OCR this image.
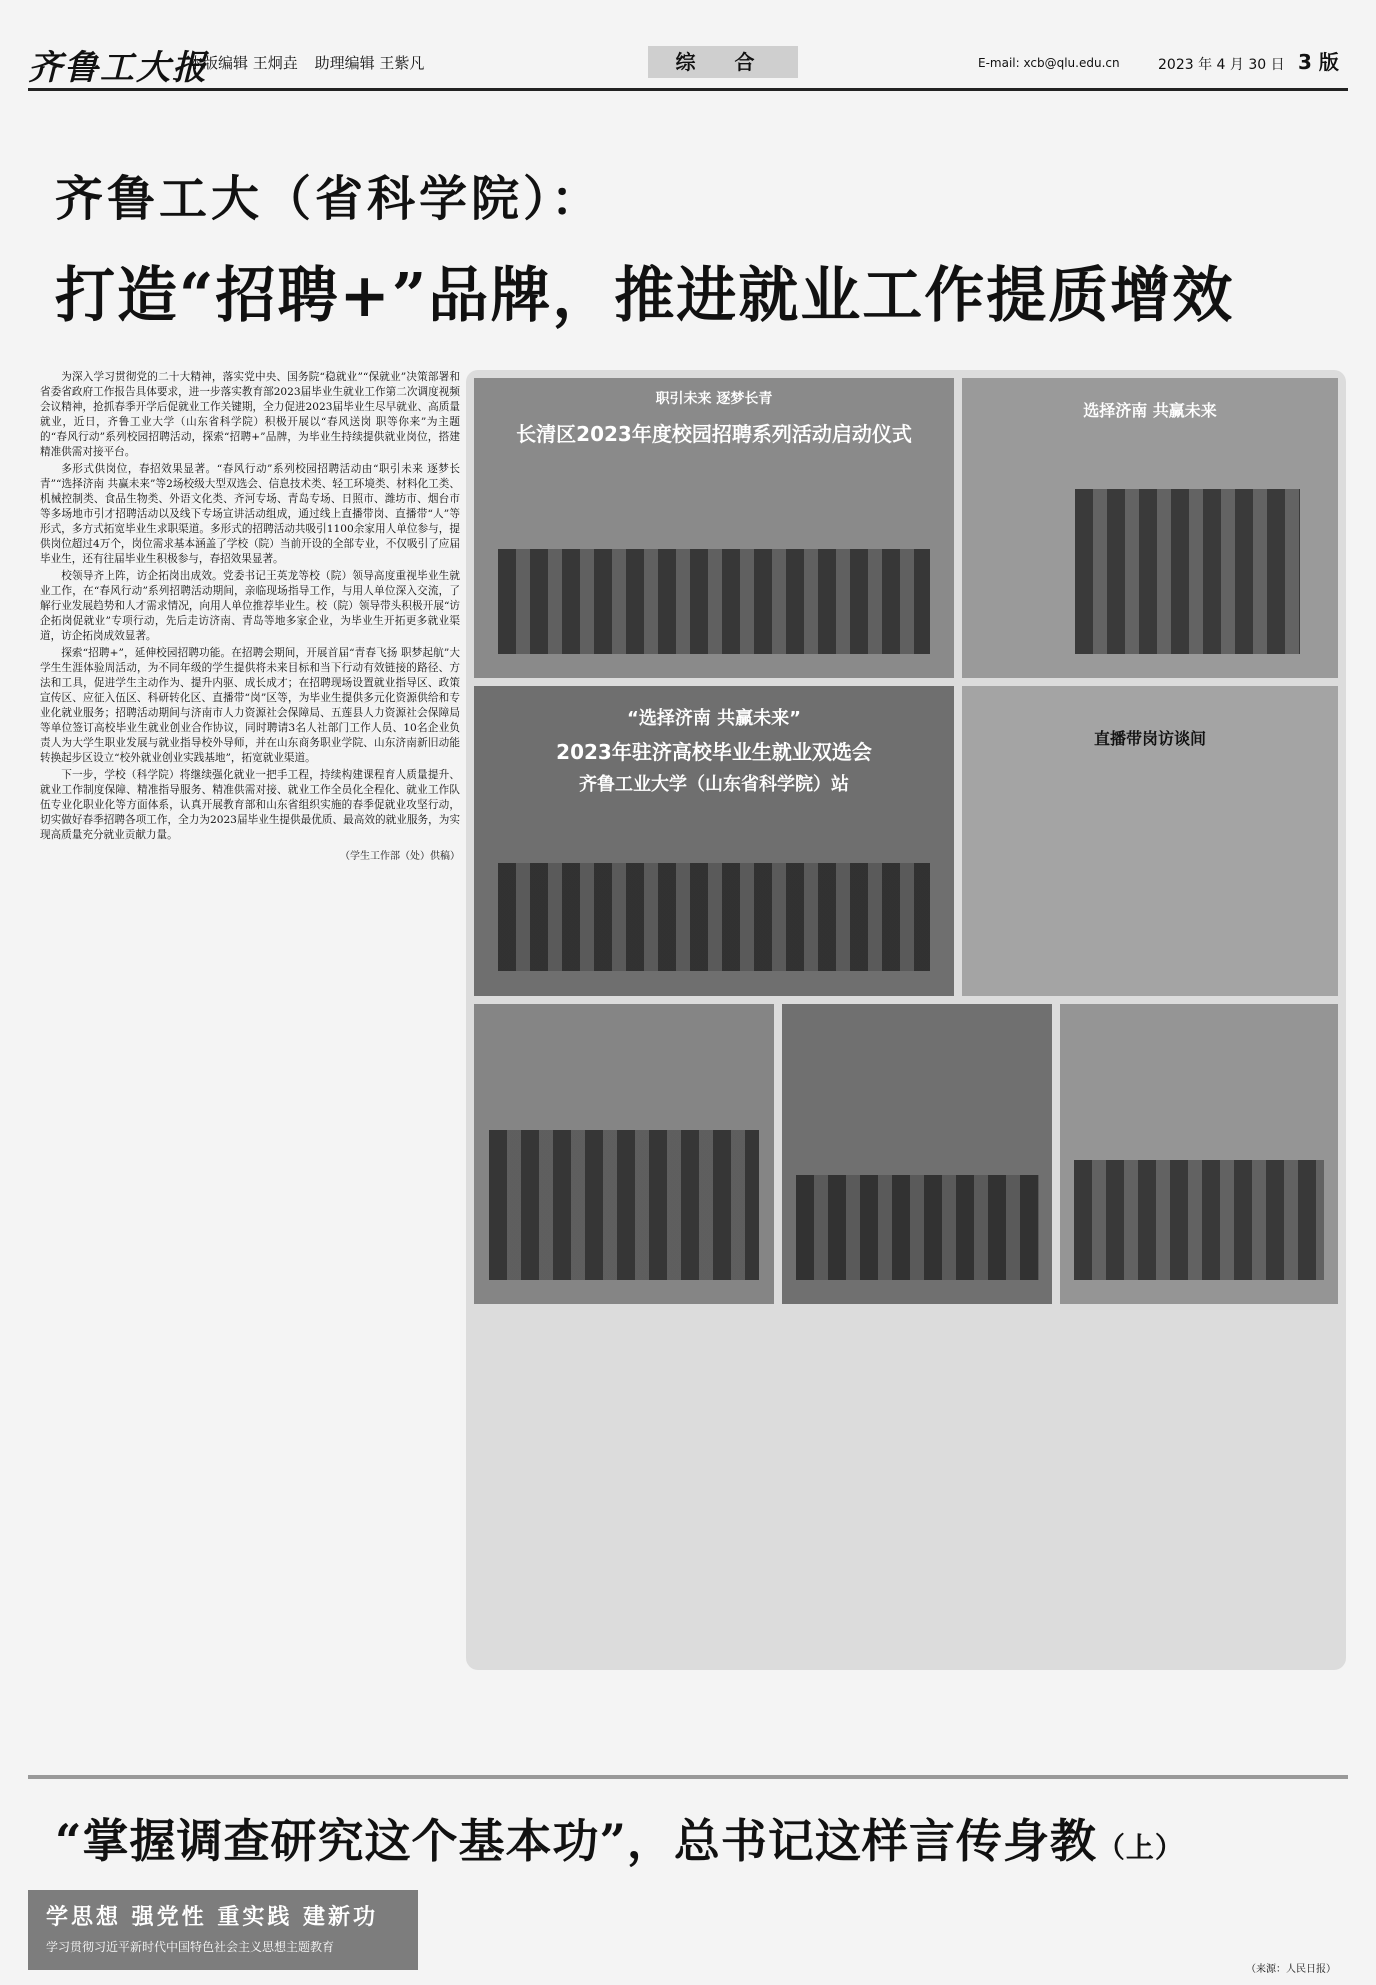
齐鲁工大报
本版编辑 王炯垚 助理编辑 王紫凡	综 合	E-mail: xcb@qlu.edu.cn	2023 年 4 月 30 日 3 版
齐鲁工大（省科学院）：
打造“招聘+”品牌，推进就业工作提质增效

为深入学习贯彻党的二十大精神，落实党中央、国务院“稳就业”“保就业”决策部署和省委省政府工作报告具体要求，进一步落实教育部2023届毕业生就业工作第二次调度视频会议精神，抢抓春季开学后促就业工作关键期，全力促进2023届毕业生尽早就业、高质量就业，近日，齐鲁工业大学（山东省科学院）积极开展以“春风送岗 职等你来”为主题的“春风行动”系列校园招聘活动，探索“招聘+”品牌，为毕业生持续提供就业岗位，搭建精准供需对接平台。

多形式供岗位，春招效果显著。“春风行动”系列校园招聘活动由“职引未来 逐梦长青”“选择济南 共赢未来”等2场校级大型双选会、信息技术类、轻工环境类、材料化工类、机械控制类、食品生物类、外语文化类、齐河专场、青岛专场、日照市、潍坊市、烟台市等多场地市引才招聘活动以及线下专场宣讲活动组成，通过线上直播带岗、直播带“人”等形式，多方式拓宽毕业生求职渠道。多形式的招聘活动共吸引1100余家用人单位参与，提供岗位超过4万个，岗位需求基本涵盖了学校（院）当前开设的全部专业，不仅吸引了应届毕业生，还有往届毕业生积极参与，春招效果显著。

校领导齐上阵，访企拓岗出成效。党委书记王英龙等校（院）领导高度重视毕业生就业工作，在“春风行动”系列招聘活动期间，亲临现场指导工作，与用人单位深入交流，了解行业发展趋势和人才需求情况，向用人单位推荐毕业生。校（院）领导带头积极开展“访企拓岗促就业”专项行动，先后走访济南、青岛等地多家企业，为毕业生开拓更多就业渠道，访企拓岗成效显著。

探索“招聘+”，延伸校园招聘功能。在招聘会期间，开展首届“青春飞扬 职梦起航”大学生生涯体验周活动，为不同年级的学生提供将未来目标和当下行动有效链接的路径、方法和工具，促进学生主动作为、提升内驱、成长成才；在招聘现场设置就业指导区、政策宣传区、应征入伍区、科研转化区、直播带“岗”区等，为毕业生提供多元化资源供给和专业化就业服务；招聘活动期间与济南市人力资源社会保障局、五莲县人力资源社会保障局等单位签订高校毕业生就业创业合作协议，同时聘请3名人社部门工作人员、10名企业负责人为大学生职业发展与就业指导校外导师，并在山东商务职业学院、山东济南新旧动能转换起步区设立“校外就业创业实践基地”，拓宽就业渠道。

下一步，学校（科学院）将继续强化就业一把手工程，持续构建课程育人质量提升、就业工作制度保障、精准指导服务、精准供需对接、就业工作全员化全程化、就业工作队伍专业化职业化等方面体系，认真开展教育部和山东省组织实施的春季促就业攻坚行动，切实做好春季招聘各项工作，全力为2023届毕业生提供最优质、最高效的就业服务，为实现高质量充分就业贡献力量。

（学生工作部（处）供稿）
职引未来 逐梦长青
长清区2023年度校园招聘系列活动启动仪式
选择济南 共赢未来
“选择济南 共赢未来”
2023年驻济高校毕业生就业双选会
齐鲁工业大学（山东省科学院）站
直播带岗访谈间
“掌握调查研究这个基本功”，总书记这样言传身教（上）
学思想 强党性 重实践 建新功
学习贯彻习近平新时代中国特色社会主义思想主题教育
（来源：人民日报）
